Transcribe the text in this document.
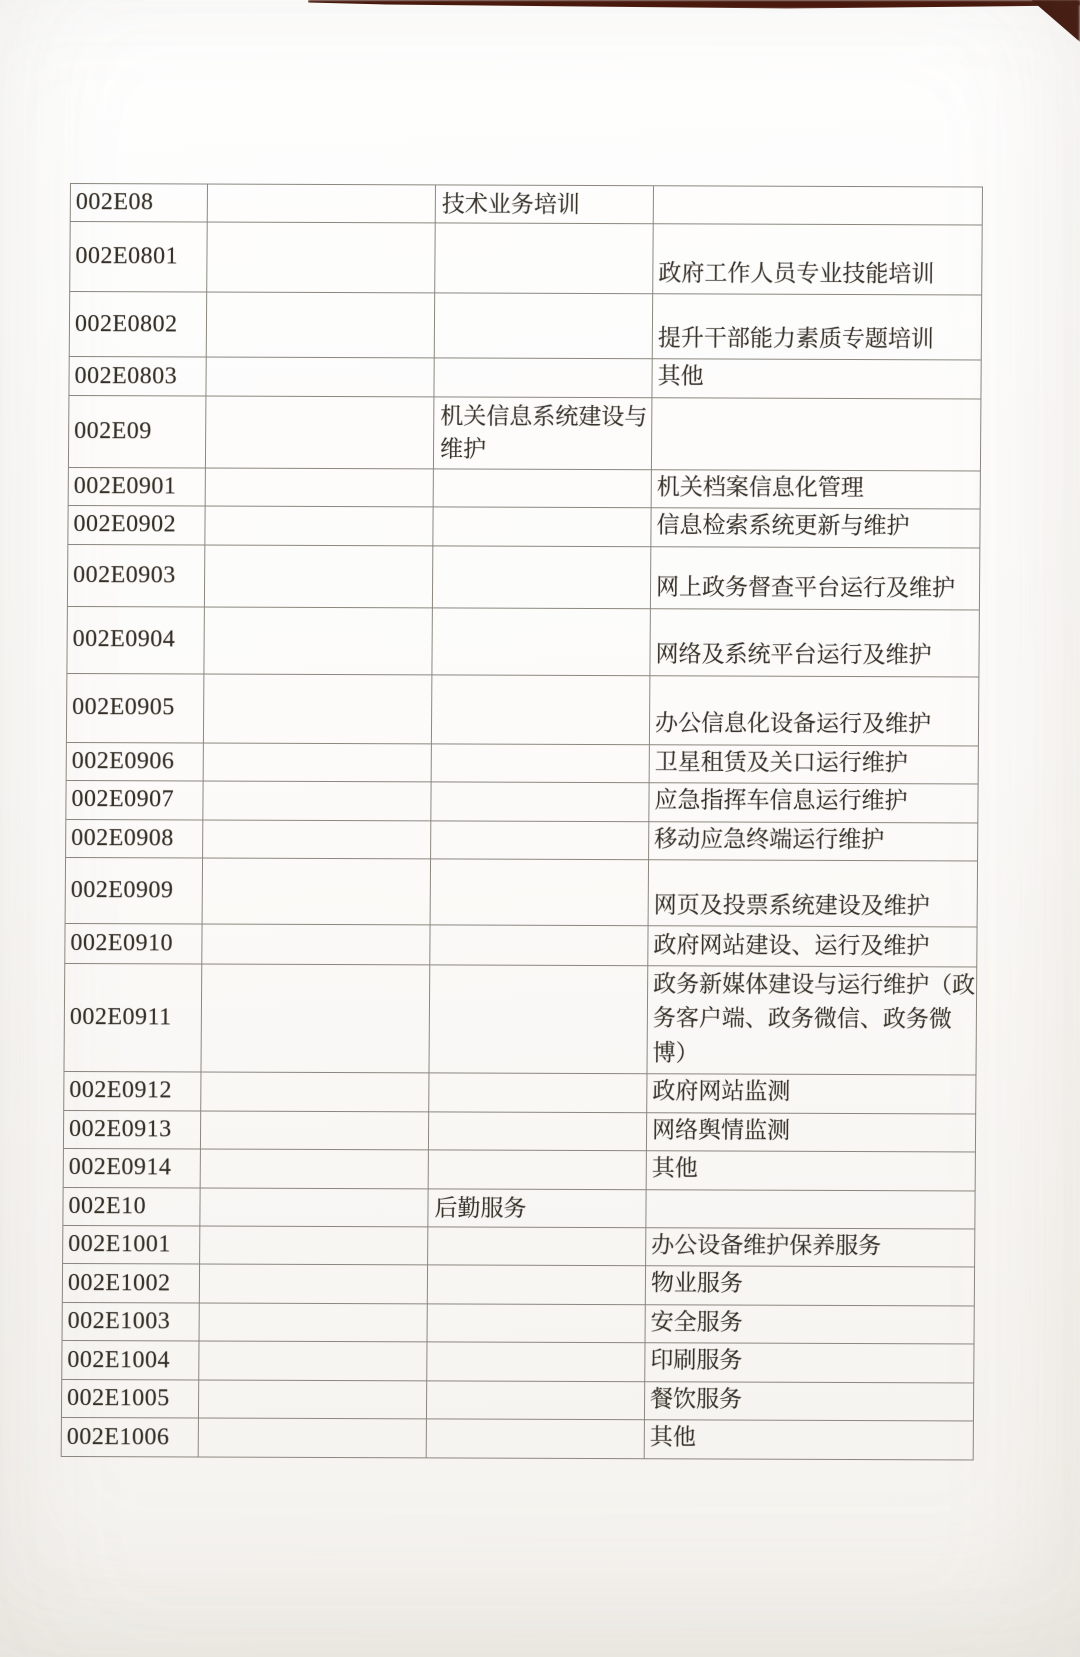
002E08		技术业务培训	
002E0801			政府工作人员专业技能培训
002E0802			提升干部能力素质专题培训
002E0803			其他
002E09		机关信息系统建设与维护	
002E0901			机关档案信息化管理
002E0902			信息检索系统更新与维护
002E0903			网上政务督查平台运行及维护
002E0904			网络及系统平台运行及维护
002E0905			办公信息化设备运行及维护
002E0906			卫星租赁及关口运行维护
002E0907			应急指挥车信息运行维护
002E0908			移动应急终端运行维护
002E0909			网页及投票系统建设及维护
002E0910			政府网站建设、运行及维护
002E0911			政务新媒体建设与运行维护（政务客户端、政务微信、政务微博）
002E0912			政府网站监测
002E0913			网络舆情监测
002E0914			其他
002E10		后勤服务	
002E1001			办公设备维护保养服务
002E1002			物业服务
002E1003			安全服务
002E1004			印刷服务
002E1005			餐饮服务
002E1006			其他
